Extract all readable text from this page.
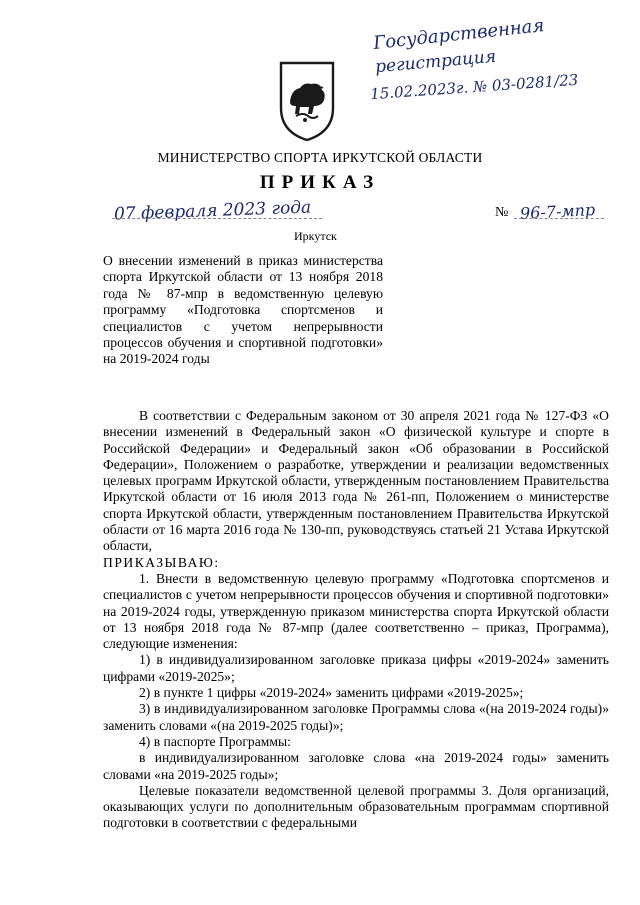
Государственная
регистрация
15.02.2023г. № 03-0281/23
МИНИСТЕРСТВО СПОРТА ИРКУТСКОЙ ОБЛАСТИ
ПРИКАЗ
07 февраля 2023 года	№ 96-7-мпр
Иркутск
О внесении изменений в приказ министерства спорта Иркутской области от 13 ноября 2018 года № 87-мпр в ведомственную целевую программу «Подготовка спортсменов и специалистов с учетом непрерывности процессов обучения и спортивной подготовки» на 2019-2024 годы

В соответствии с Федеральным законом от 30 апреля 2021 года № 127-ФЗ «О внесении изменений в Федеральный закон «О физической культуре и спорте в Российской Федерации» и Федеральный закон «Об образовании в Российской Федерации», Положением о разработке, утверждении и реализации ведомственных целевых программ Иркутской области, утвержденным постановлением Правительства Иркутской области от 16 июля 2013 года № 261-пп, Положением о министерстве спорта Иркутской области, утвержденным постановлением Правительства Иркутской области от 16 марта 2016 года № 130-пп, руководствуясь статьей 21 Устава Иркутской области,

ПРИКАЗЫВАЮ:

1. Внести в ведомственную целевую программу «Подготовка спортсменов и специалистов с учетом непрерывности процессов обучения и спортивной подготовки» на 2019-2024 годы, утвержденную приказом министерства спорта Иркутской области от 13 ноября 2018 года № 87-мпр (далее соответственно – приказ, Программа), следующие изменения:

1) в индивидуализированном заголовке приказа цифры «2019-2024» заменить цифрами «2019-2025»;

2) в пункте 1 цифры «2019-2024» заменить цифрами «2019-2025»;

3) в индивидуализированном заголовке Программы слова «(на 2019-2024 годы)» заменить словами «(на 2019-2025 годы)»;

4) в паспорте Программы:

в индивидуализированном заголовке слова «на 2019-2024 годы» заменить словами «на 2019-2025 годы»;

Целевые показатели ведомственной целевой программы 3. Доля организаций, оказывающих услуги по дополнительным образовательным программам спортивной подготовки в соответствии с федеральными
